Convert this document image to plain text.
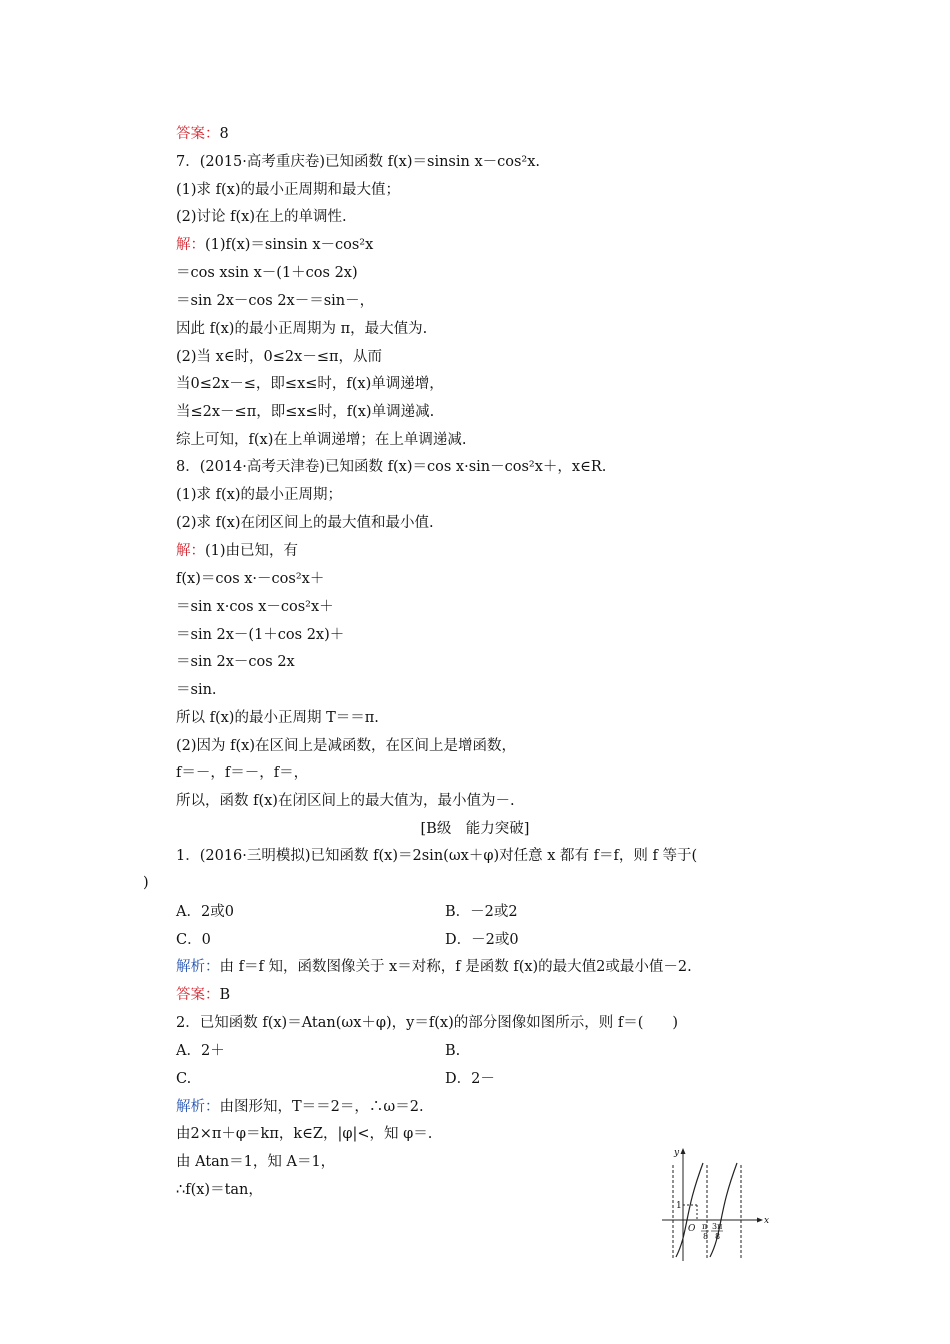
答案：8
7．(2015·高考重庆卷)已知函数 f(x)＝sinsin x－cos²x.
(1)求 f(x)的最小正周期和最大值；
(2)讨论 f(x)在上的单调性.
解：(1)f(x)＝sinsin x－cos²x
＝cos xsin x－(1＋cos 2x)
＝sin 2x－cos 2x－＝sin－，
因此 f(x)的最小正周期为 π，最大值为.
(2)当 x∈时，0≤2x－≤π，从而
当0≤2x－≤，即≤x≤时，f(x)单调递增，
当≤2x－≤π，即≤x≤时，f(x)单调递减.
综上可知，f(x)在上单调递增；在上单调递减.
8．(2014·高考天津卷)已知函数 f(x)＝cos x·sin－cos²x＋，x∈R.
(1)求 f(x)的最小正周期；
(2)求 f(x)在闭区间上的最大值和最小值.
解：(1)由已知，有
f(x)＝cos x·－cos²x＋
＝sin x·cos x－cos²x＋
＝sin 2x－(1＋cos 2x)＋
＝sin 2x－cos 2x
＝sin.
所以 f(x)的最小正周期 T＝＝π.
(2)因为 f(x)在区间上是减函数，在区间上是增函数，
f＝－，f＝－，f＝，
所以，函数 f(x)在闭区间上的最大值为，最小值为－.
[B级　能力突破]
1．(2016·三明模拟)已知函数 f(x)＝2sin(ωx＋φ)对任意 x 都有 f＝f，则 f 等于(
)
A．2或0	B．－2或2
C．0	D．－2或0
解析：由 f＝f 知，函数图像关于 x＝对称，f 是函数 f(x)的最大值2或最小值－2.
答案：B
2．已知函数 f(x)＝Atan(ωx＋φ)，y＝f(x)的部分图像如图所示，则 f＝(　　)
A．2＋	B.
C.	D．2－
解析：由图形知，T＝＝2＝，∴ω＝2.
由2×π＋φ＝kπ，k∈Z，|φ|<，知 φ＝.
由 Atan＝1，知 A＝1，
∴f(x)＝tan，
y
x
O
1
π
8
3π
8
